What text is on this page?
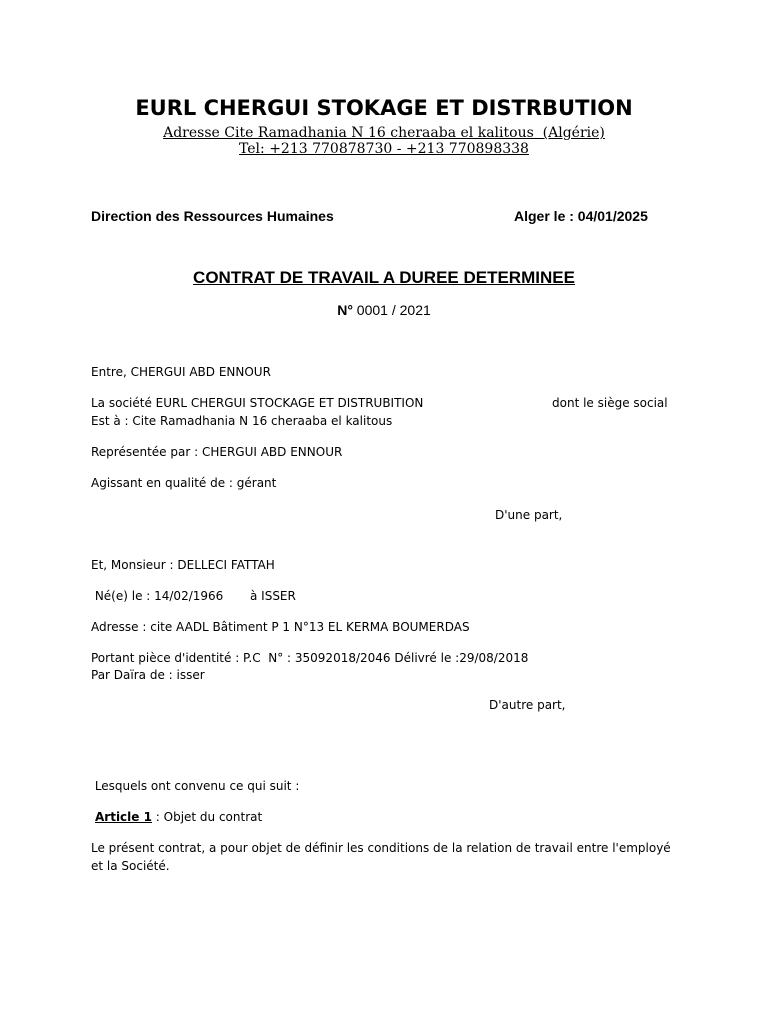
EURL CHERGUI STOKAGE ET DISTRBUTION
Adresse Cite Ramadhania N 16 cheraaba el kalitous  (Algérie)
Tel: +213 770878730 - +213 770898338
Direction des Ressources Humaines	Alger le : 04/01/2025
CONTRAT DE TRAVAIL A DUREE DETERMINEE
N° 0001 / 2021
Entre, CHERGUI ABD ENNOUR
La société EURL CHERGUI STOCKAGE ET DISTRUBITION	dont le siège social
Est à : Cite Ramadhania N 16 cheraaba el kalitous
Représentée par : CHERGUI ABD ENNOUR
Agissant en qualité de : gérant
D'une part,
Et, Monsieur : DELLECI FATTAH
Né(e) le : 14/02/1966       à ISSER
Adresse : cite AADL Bâtiment P 1 N°13 EL KERMA BOUMERDAS
Portant pièce d'identité : P.C  N° : 35092018/2046 Délivré le :29/08/2018
Par Daïra de : isser
D'autre part,
Lesquels ont convenu ce qui suit :
Article 1 : Objet du contrat
Le présent contrat, a pour objet de définir les conditions de la relation de travail entre l'employé et la Société.
